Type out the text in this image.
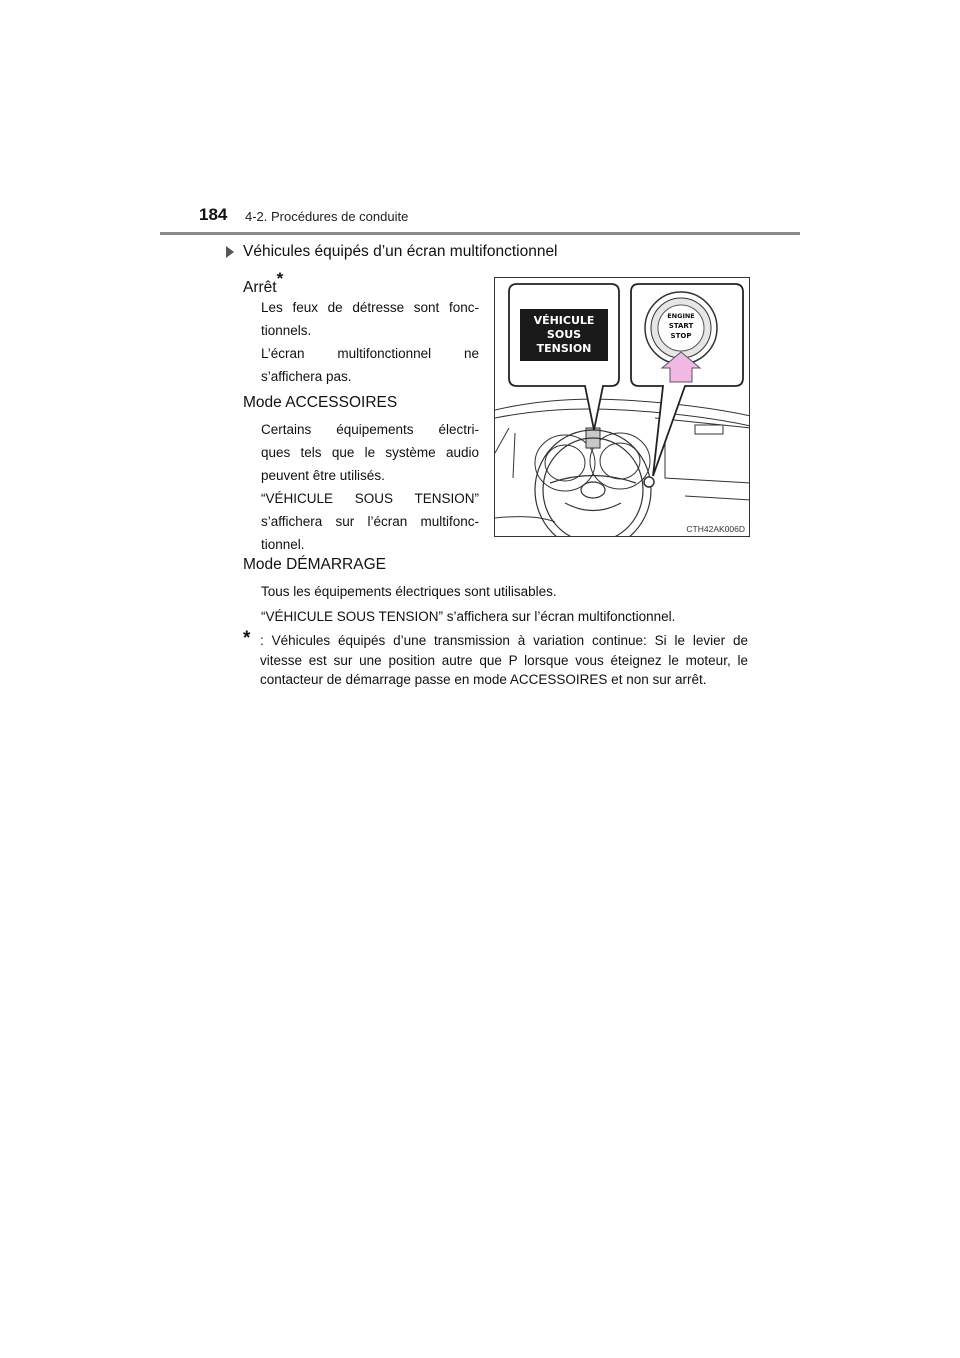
184 4-2. Procédures de conduite
Véhicules équipés d’un écran multifonctionnel
Arrêt*
Les feux de détresse sont fonc-
tionnels.
L’écran multifonctionnel ne
s’affichera pas.
Mode ACCESSOIRES
Certains équipements électri-
ques tels que le système audio
peuvent être utilisés.
“VÉHICULE SOUS TENSION”
s’affichera sur l’écran multifonc-
tionnel.
Mode DÉMARRAGE
Tous les équipements électriques sont utilisables.
“VÉHICULE SOUS TENSION” s’affichera sur l’écran multifonctionnel.
* : Véhicules équipés d’une transmission à variation continue: Si le levier de vitesse est sur une position autre que P lorsque vous éteignez le moteur, le contacteur de démarrage passe en mode ACCESSOIRES et non sur arrêt.
VÉHICULE
SOUS
TENSION
ENGINE
START
STOP
CTH42AK006D
